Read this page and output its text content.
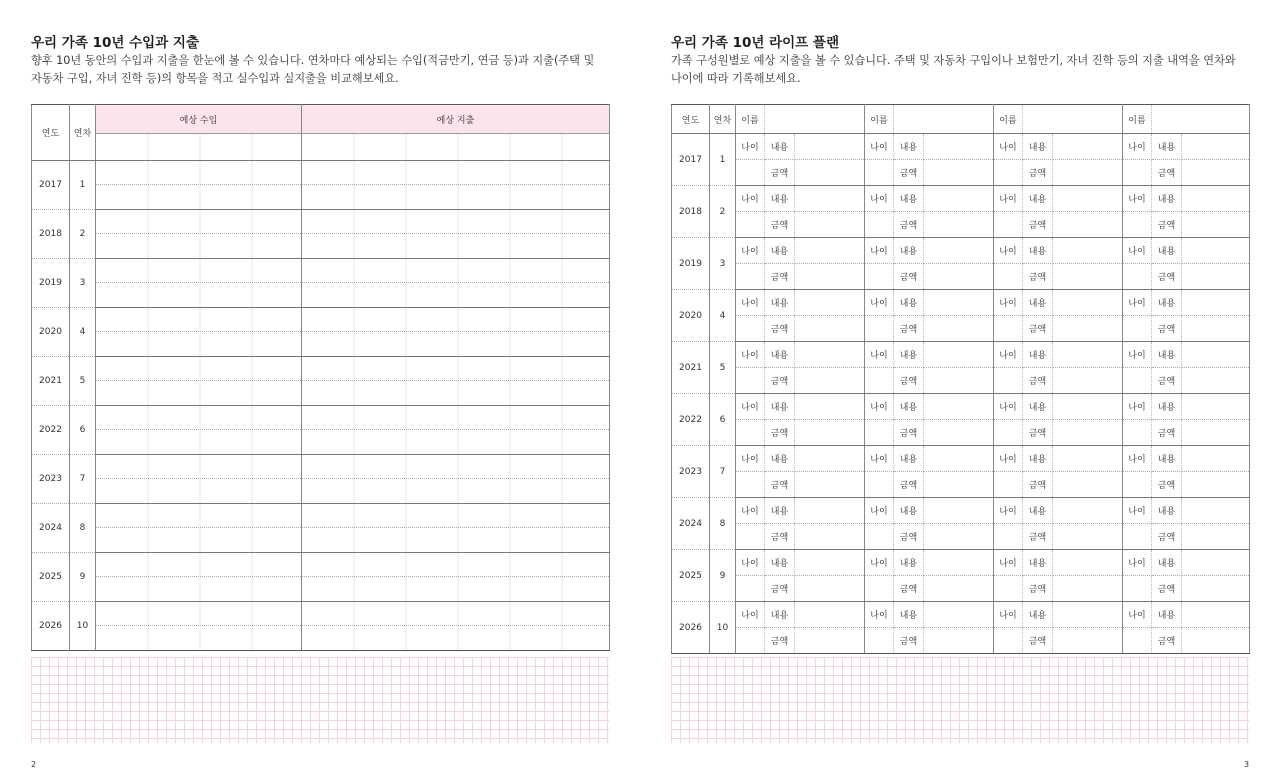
우리 가족 10년 수입과 지출

향후 10년 동안의 수입과 지출을 한눈에 볼 수 있습니다. 연차마다 예상되는 수입(적금만기, 연금 등)과 지출(주택 및
자동차 구입, 자녀 진학 등)의 항목을 적고 실수입과 실지출을 비교해보세요.

연도	연차	예상 수입	예상 지출

2017	1		

2018	2		

2019	3		

2020	4		

2021	5		

2022	6		

2023	7		

2024	8		

2025	9		

2026	10		

2
우리 가족 10년 라이프 플랜

가족 구성원별로 예상 지출을 볼 수 있습니다. 주택 및 자동차 구입이나 보험만기, 자녀 진학 등의 지출 내역을 연차와
나이에 따라 기록해보세요.

연도	연차	이름			이름			이름			이름		
2017	1	나이	내용		나이	내용		나이	내용		나이	내용	
			금액			금액			금액			금액	
2018	2	나이	내용		나이	내용		나이	내용		나이	내용	
			금액			금액			금액			금액	
2019	3	나이	내용		나이	내용		나이	내용		나이	내용	
			금액			금액			금액			금액	
2020	4	나이	내용		나이	내용		나이	내용		나이	내용	
			금액			금액			금액			금액	
2021	5	나이	내용		나이	내용		나이	내용		나이	내용	
			금액			금액			금액			금액	
2022	6	나이	내용		나이	내용		나이	내용		나이	내용	
			금액			금액			금액			금액	
2023	7	나이	내용		나이	내용		나이	내용		나이	내용	
			금액			금액			금액			금액	
2024	8	나이	내용		나이	내용		나이	내용		나이	내용	
			금액			금액			금액			금액	
2025	9	나이	내용		나이	내용		나이	내용		나이	내용	
			금액			금액			금액			금액	
2026	10	나이	내용		나이	내용		나이	내용		나이	내용	
			금액			금액			금액			금액	
3
